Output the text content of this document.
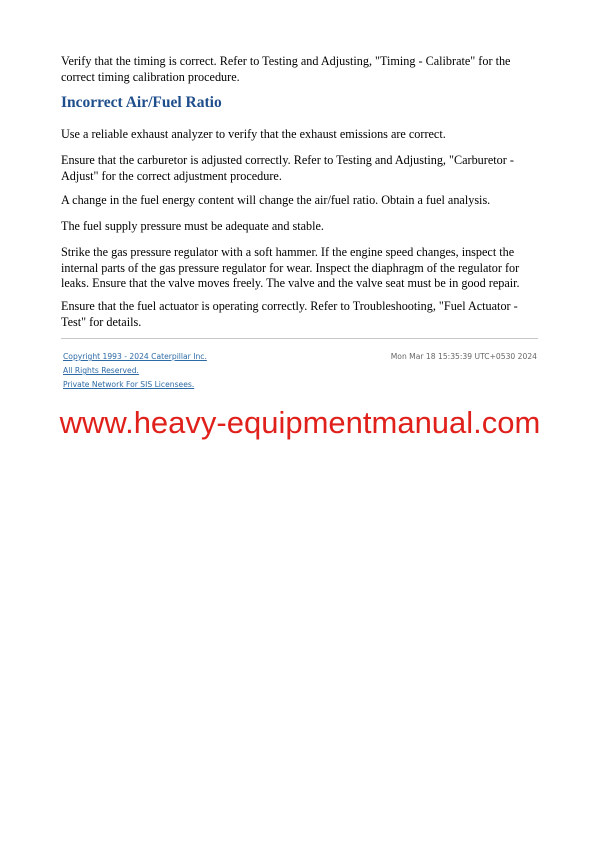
Verify that the timing is correct. Refer to Testing and Adjusting, "Timing - Calibrate" for the correct timing calibration procedure.

Incorrect Air/Fuel Ratio

Use a reliable exhaust analyzer to verify that the exhaust emissions are correct.

Ensure that the carburetor is adjusted correctly. Refer to Testing and Adjusting, "Carburetor - Adjust" for the correct adjustment procedure.

A change in the fuel energy content will change the air/fuel ratio. Obtain a fuel analysis.

The fuel supply pressure must be adequate and stable.

Strike the gas pressure regulator with a soft hammer. If the engine speed changes, inspect the internal parts of the gas pressure regulator for wear. Inspect the diaphragm of the regulator for leaks. Ensure that the valve moves freely. The valve and the valve seat must be in good repair.

Ensure that the fuel actuator is operating correctly. Refer to Troubleshooting, "Fuel Actuator - Test" for details.

Copyright 1993 - 2024 Caterpillar Inc.
All Rights Reserved.
Private Network For SIS Licensees.
Mon Mar 18 15:35:39 UTC+0530 2024
www.heavy-equipmentmanual.com
